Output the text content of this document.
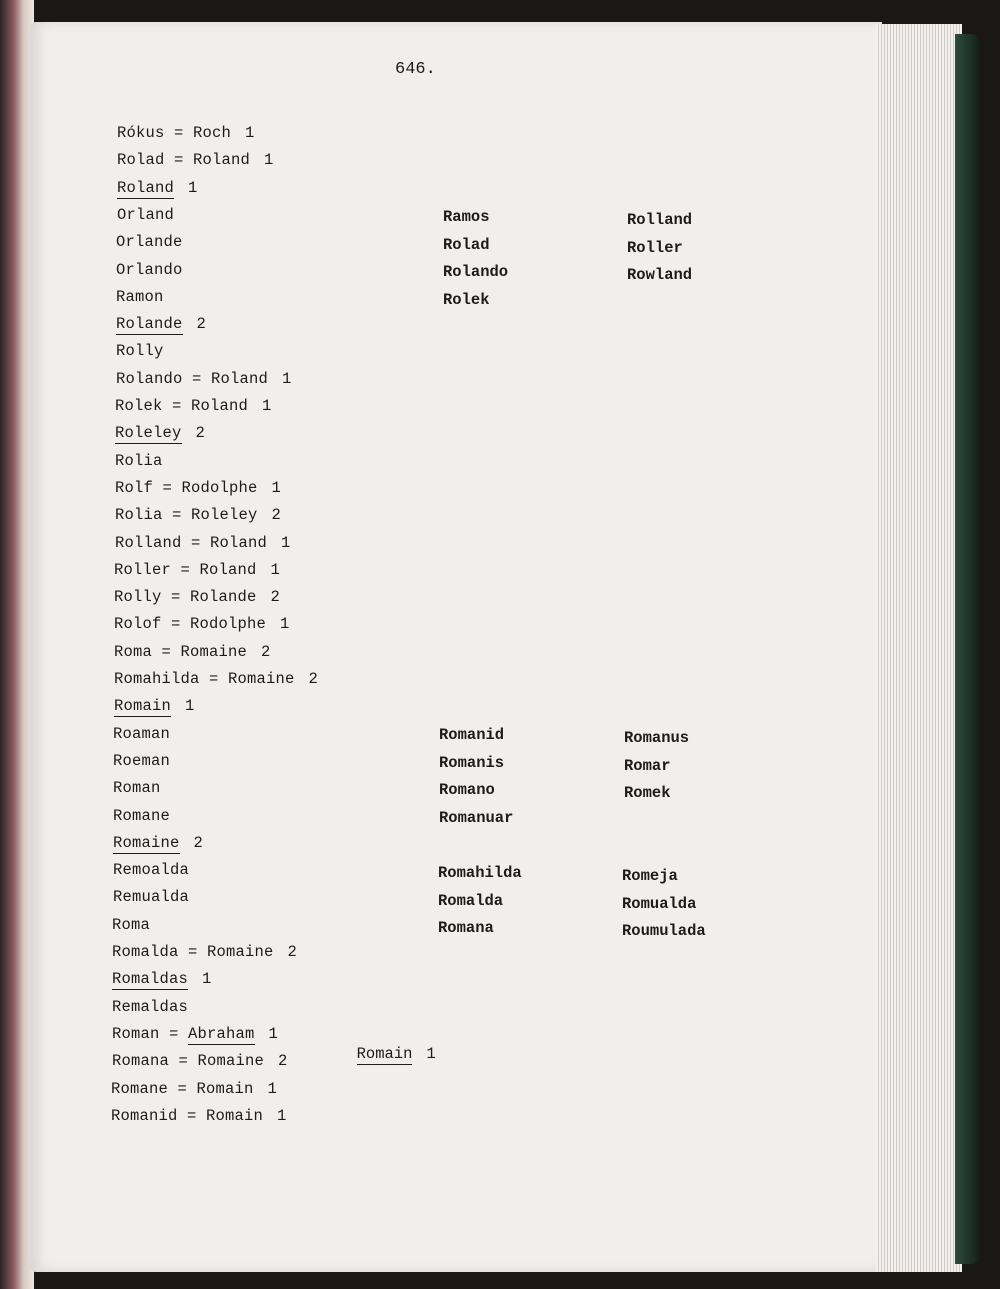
646.
Rókus = Roch 1
Rolad = Roland 1
Roland 1
Orland
Orlande
Orlando
Ramon
Rolande 2
Rolly
Rolando = Roland 1
Rolek = Roland 1
Roleley 2
Rolia
Rolf = Rodolphe 1
Rolia = Roleley 2
Rolland = Roland 1
Roller = Roland 1
Rolly = Rolande 2
Rolof = Rodolphe 1
Roma = Romaine 2
Romahilda = Romaine 2
Romain 1
Roaman
Roeman
Roman
Romane
Romaine 2
Remoalda
Remualda
Roma
Romalda = Romaine 2
Romaldas 1
Remaldas
Roman = Abraham 1
Romana = Romaine 2
Romane = Romain 1
Romanid = Romain 1
Ramos
Rolad
Rolando
Rolek
Rolland
Roller
Rowland
Romanid
Romanis
Romano
Romanuar
Romanus
Romar
Romek
Romahilda
Romalda
Romana
Romeja
Romualda
Roumulada

Romain 1
